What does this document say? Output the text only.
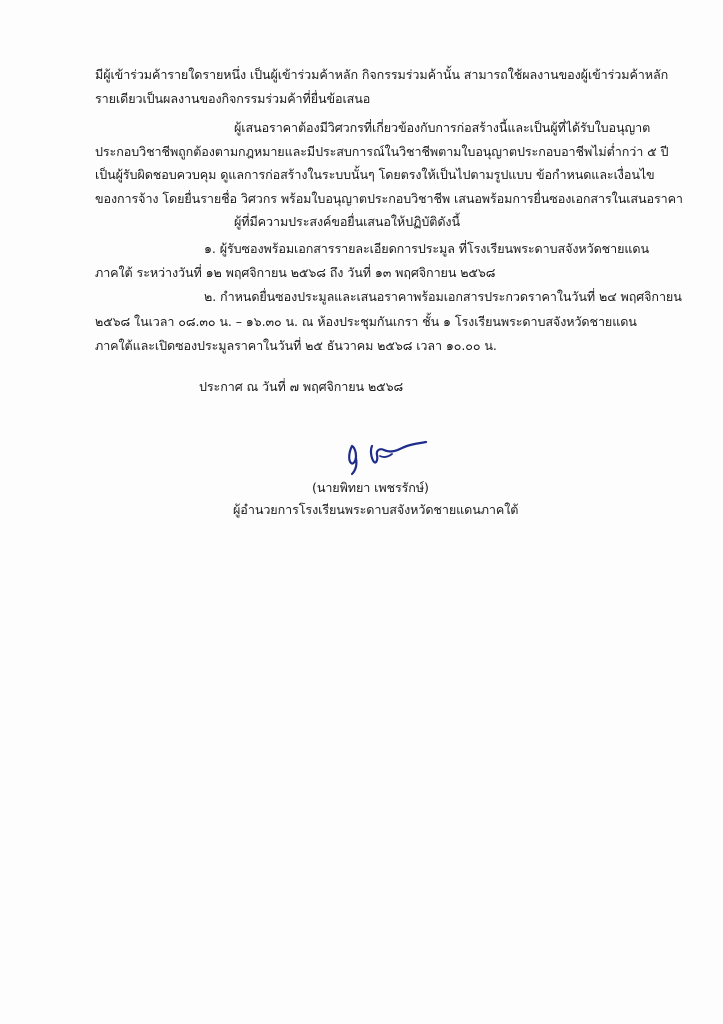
มีผู้เข้าร่วมค้ารายใดรายหนึ่ง เป็นผู้เข้าร่วมค้าหลัก กิจกรรมร่วมค้านั้น สามารถใช้ผลงานของผู้เข้าร่วมค้าหลัก
รายเดียวเป็นผลงานของกิจกรรมร่วมค้าที่ยื่นข้อเสนอ
ผู้เสนอราคาต้องมีวิศวกรที่เกี่ยวข้องกับการก่อสร้างนี้และเป็นผู้ที่ได้รับใบอนุญาต
ประกอบวิชาชีพถูกต้องตามกฎหมายและมีประสบการณ์ในวิชาชีพตามใบอนุญาตประกอบอาชีพไม่ต่ำกว่า ๕ ปี
เป็นผู้รับผิดชอบควบคุม ดูแลการก่อสร้างในระบบนั้นๆ โดยตรงให้เป็นไปตามรูปแบบ ข้อกำหนดและเงื่อนไข
ของการจ้าง โดยยื่นรายชื่อ วิศวกร พร้อมใบอนุญาตประกอบวิชาชีพ เสนอพร้อมการยื่นซองเอกสารในเสนอราคา
ผู้ที่มีความประสงค์ขอยื่นเสนอให้ปฏิบัติดังนี้
๑. ผู้รับซองพร้อมเอกสารรายละเอียดการประมูล ที่โรงเรียนพระดาบสจังหวัดชายแดน
ภาคใต้ ระหว่างวันที่ ๑๒ พฤศจิกายน ๒๕๖๘ ถึง วันที่ ๑๓ พฤศจิกายน ๒๕๖๘
๒. กำหนดยื่นซองประมูลและเสนอราคาพร้อมเอกสารประกวดราคาในวันที่ ๒๔ พฤศจิกายน
๒๕๖๘ ในเวลา ๐๘.๓๐ น. – ๑๖.๓๐ น. ณ ห้องประชุมกันเกรา ชั้น ๑ โรงเรียนพระดาบสจังหวัดชายแดน
ภาคใต้และเปิดซองประมูลราคาในวันที่ ๒๕ ธันวาคม ๒๕๖๘ เวลา ๑๐.๐๐ น.
ประกาศ ณ วันที่ ๗ พฤศจิกายน ๒๕๖๘
(นายพิทยา เพชรรักษ์)
ผู้อำนวยการโรงเรียนพระดาบสจังหวัดชายแดนภาคใต้
